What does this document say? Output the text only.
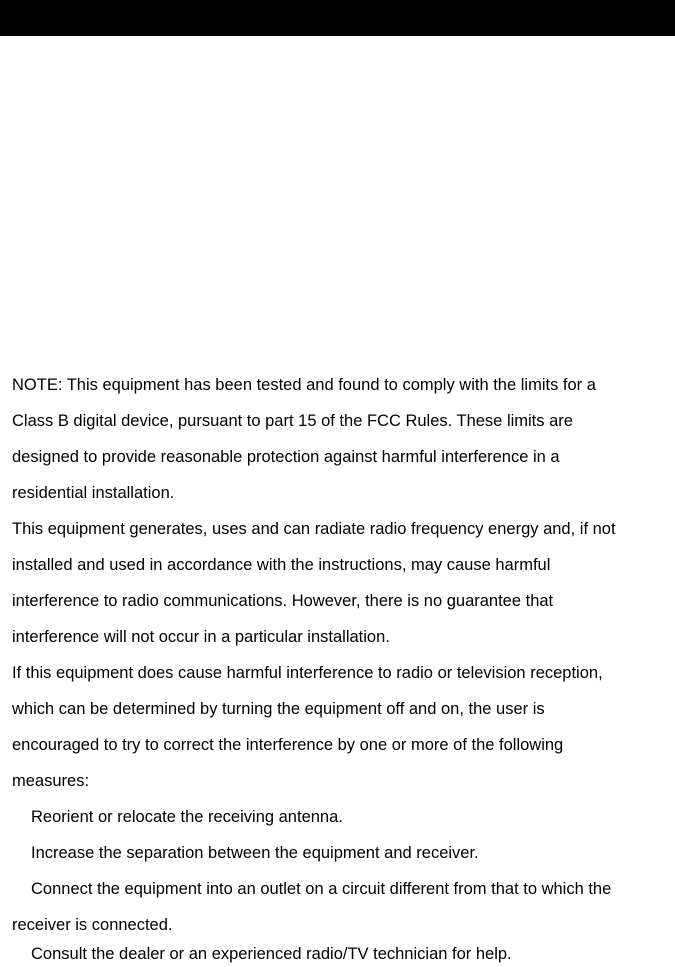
NOTE: This equipment has been tested and found to comply with the limits for a

Class B digital device, pursuant to part 15 of the FCC Rules. These limits are

designed to provide reasonable protection against harmful interference in a

residential installation.

This equipment generates, uses and can radiate radio frequency energy and, if not

installed and used in accordance with the instructions, may cause harmful

interference to radio communications. However, there is no guarantee that

interference will not occur in a particular installation.

If this equipment does cause harmful interference to radio or television reception,

which can be determined by turning the equipment off and on, the user is

encouraged to try to correct the interference by one or more of the following

measures:

Reorient or relocate the receiving antenna.

Increase the separation between the equipment and receiver.

Connect the equipment into an outlet on a circuit different from that to which the

receiver is connected.

Consult the dealer or an experienced radio/TV technician for help.
